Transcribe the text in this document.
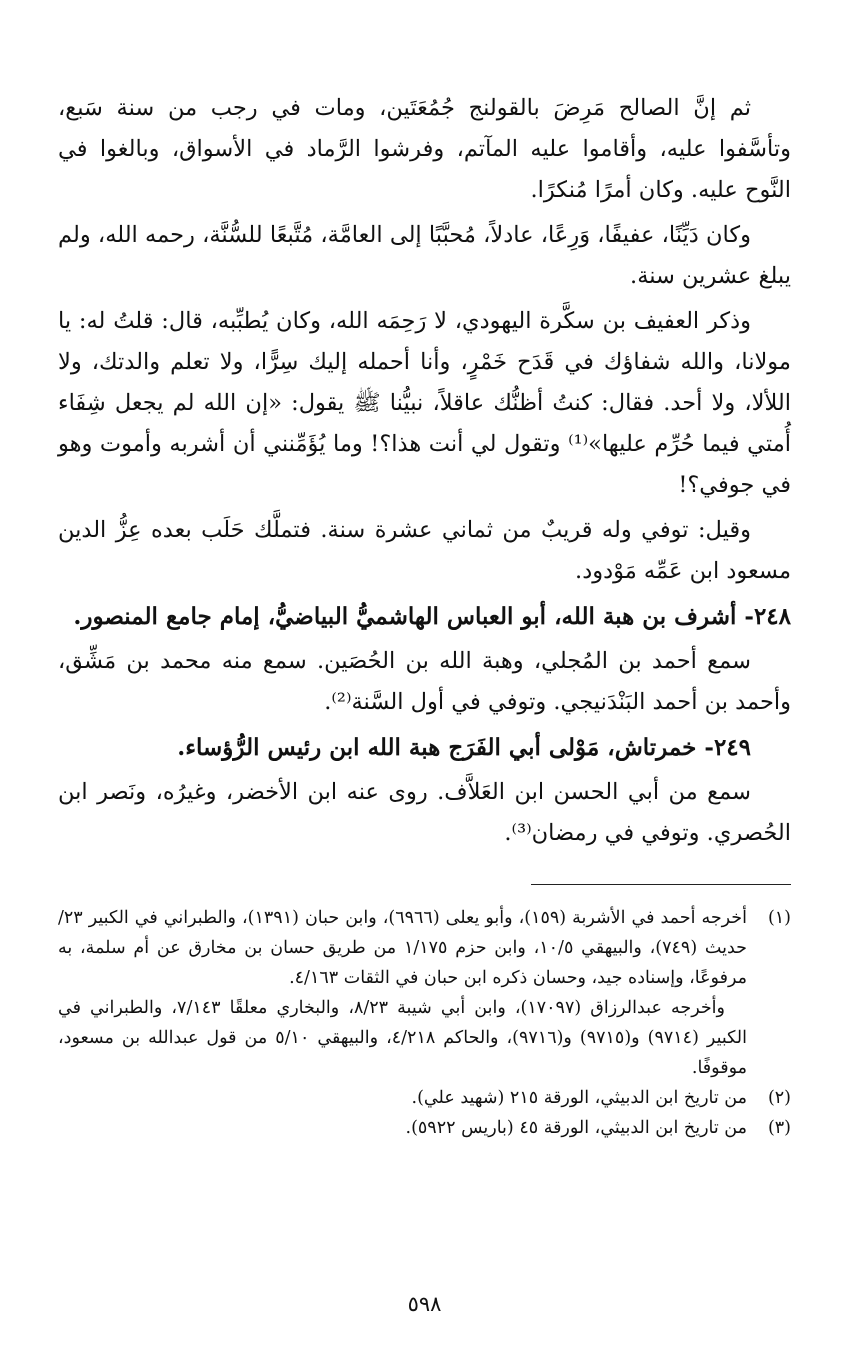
ثم إنَّ الصالح مَرِضَ بالقولنج جُمُعَتَين، ومات في رجب من سنة سَبع، وتأسَّفوا عليه، وأقاموا عليه المآتم، وفرشوا الرَّماد في الأسواق، وبالغوا في النَّوح عليه. وكان أمرًا مُنكرًا.

وكان دَيِّنًا، عفيفًا، وَرِعًا، عادلاً، مُحبَّبًا إلى العامَّة، مُتَّبعًا للسُّنَّة، رحمه الله، ولم يبلغ عشرين سنة.

وذكر العفيف بن سكَّرة اليهودي، لا رَحِمَه الله، وكان يُطبِّبه، قال: قلتُ له: يا مولانا، والله شفاؤك في قَدَح خَمْرٍ، وأنا أحمله إليك سِرًّا، ولا تعلم والدتك، ولا اللألا، ولا أحد. فقال: كنتُ أظنُّك عاقلاً، نبيُّنا ﷺ يقول: «إن الله لم يجعل شِفَاء أُمتي فيما حُرِّم عليها»⁽¹⁾ وتقول لي أنت هذا؟! وما يُؤَمِّنني أن أشربه وأموت وهو في جوفي؟!

وقيل: توفي وله قريبٌ من ثماني عشرة سنة. فتملَّك حَلَب بعده عِزُّ الدين مسعود ابن عَمِّه مَوْدود.

٢٤٨- أشرف بن هبة الله، أبو العباس الهاشميُّ البياضيُّ، إمام جامع المنصور.

سمع أحمد بن المُجلي، وهبة الله بن الحُصَين. سمع منه محمد بن مَشِّق، وأحمد بن أحمد البَنْدَنيجي. وتوفي في أول السَّنة⁽²⁾.

٢٤٩- خمرتاش، مَوْلى أبي الفَرَج هبة الله ابن رئيس الرُّؤساء.

سمع من أبي الحسن ابن العَلاَّف. روى عنه ابن الأخضر، وغيرُه، ونَصر ابن الحُصري. وتوفي في رمضان⁽³⁾.

(١)
أخرجه أحمد في الأشربة (١٥٩)، وأبو يعلى (٦٩٦٦)، وابن حبان (١٣٩١)، والطبراني في الكبير ٢٣/حديث (٧٤٩)، والبيهقي ١٠/٥، وابن حزم ١/١٧٥ من طريق حسان بن مخارق عن أم سلمة، به مرفوعًا، وإسناده جيد، وحسان ذكره ابن حبان في الثقات ٤/١٦٣.

وأخرجه عبدالرزاق (١٧٠٩٧)، وابن أبي شيبة ٨/٢٣، والبخاري معلقًا ٧/١٤٣، والطبراني في الكبير (٩٧١٤) و(٩٧١٥) و(٩٧١٦)، والحاكم ٤/٢١٨، والبيهقي ٥/١٠ من قول عبدالله بن مسعود، موقوفًا.

(٢)
من تاريخ ابن الدبيثي، الورقة ٢١٥ (شهيد علي).
(٣)
من تاريخ ابن الدبيثي، الورقة ٤٥ (باريس ٥٩٢٢).
٥٩٨
